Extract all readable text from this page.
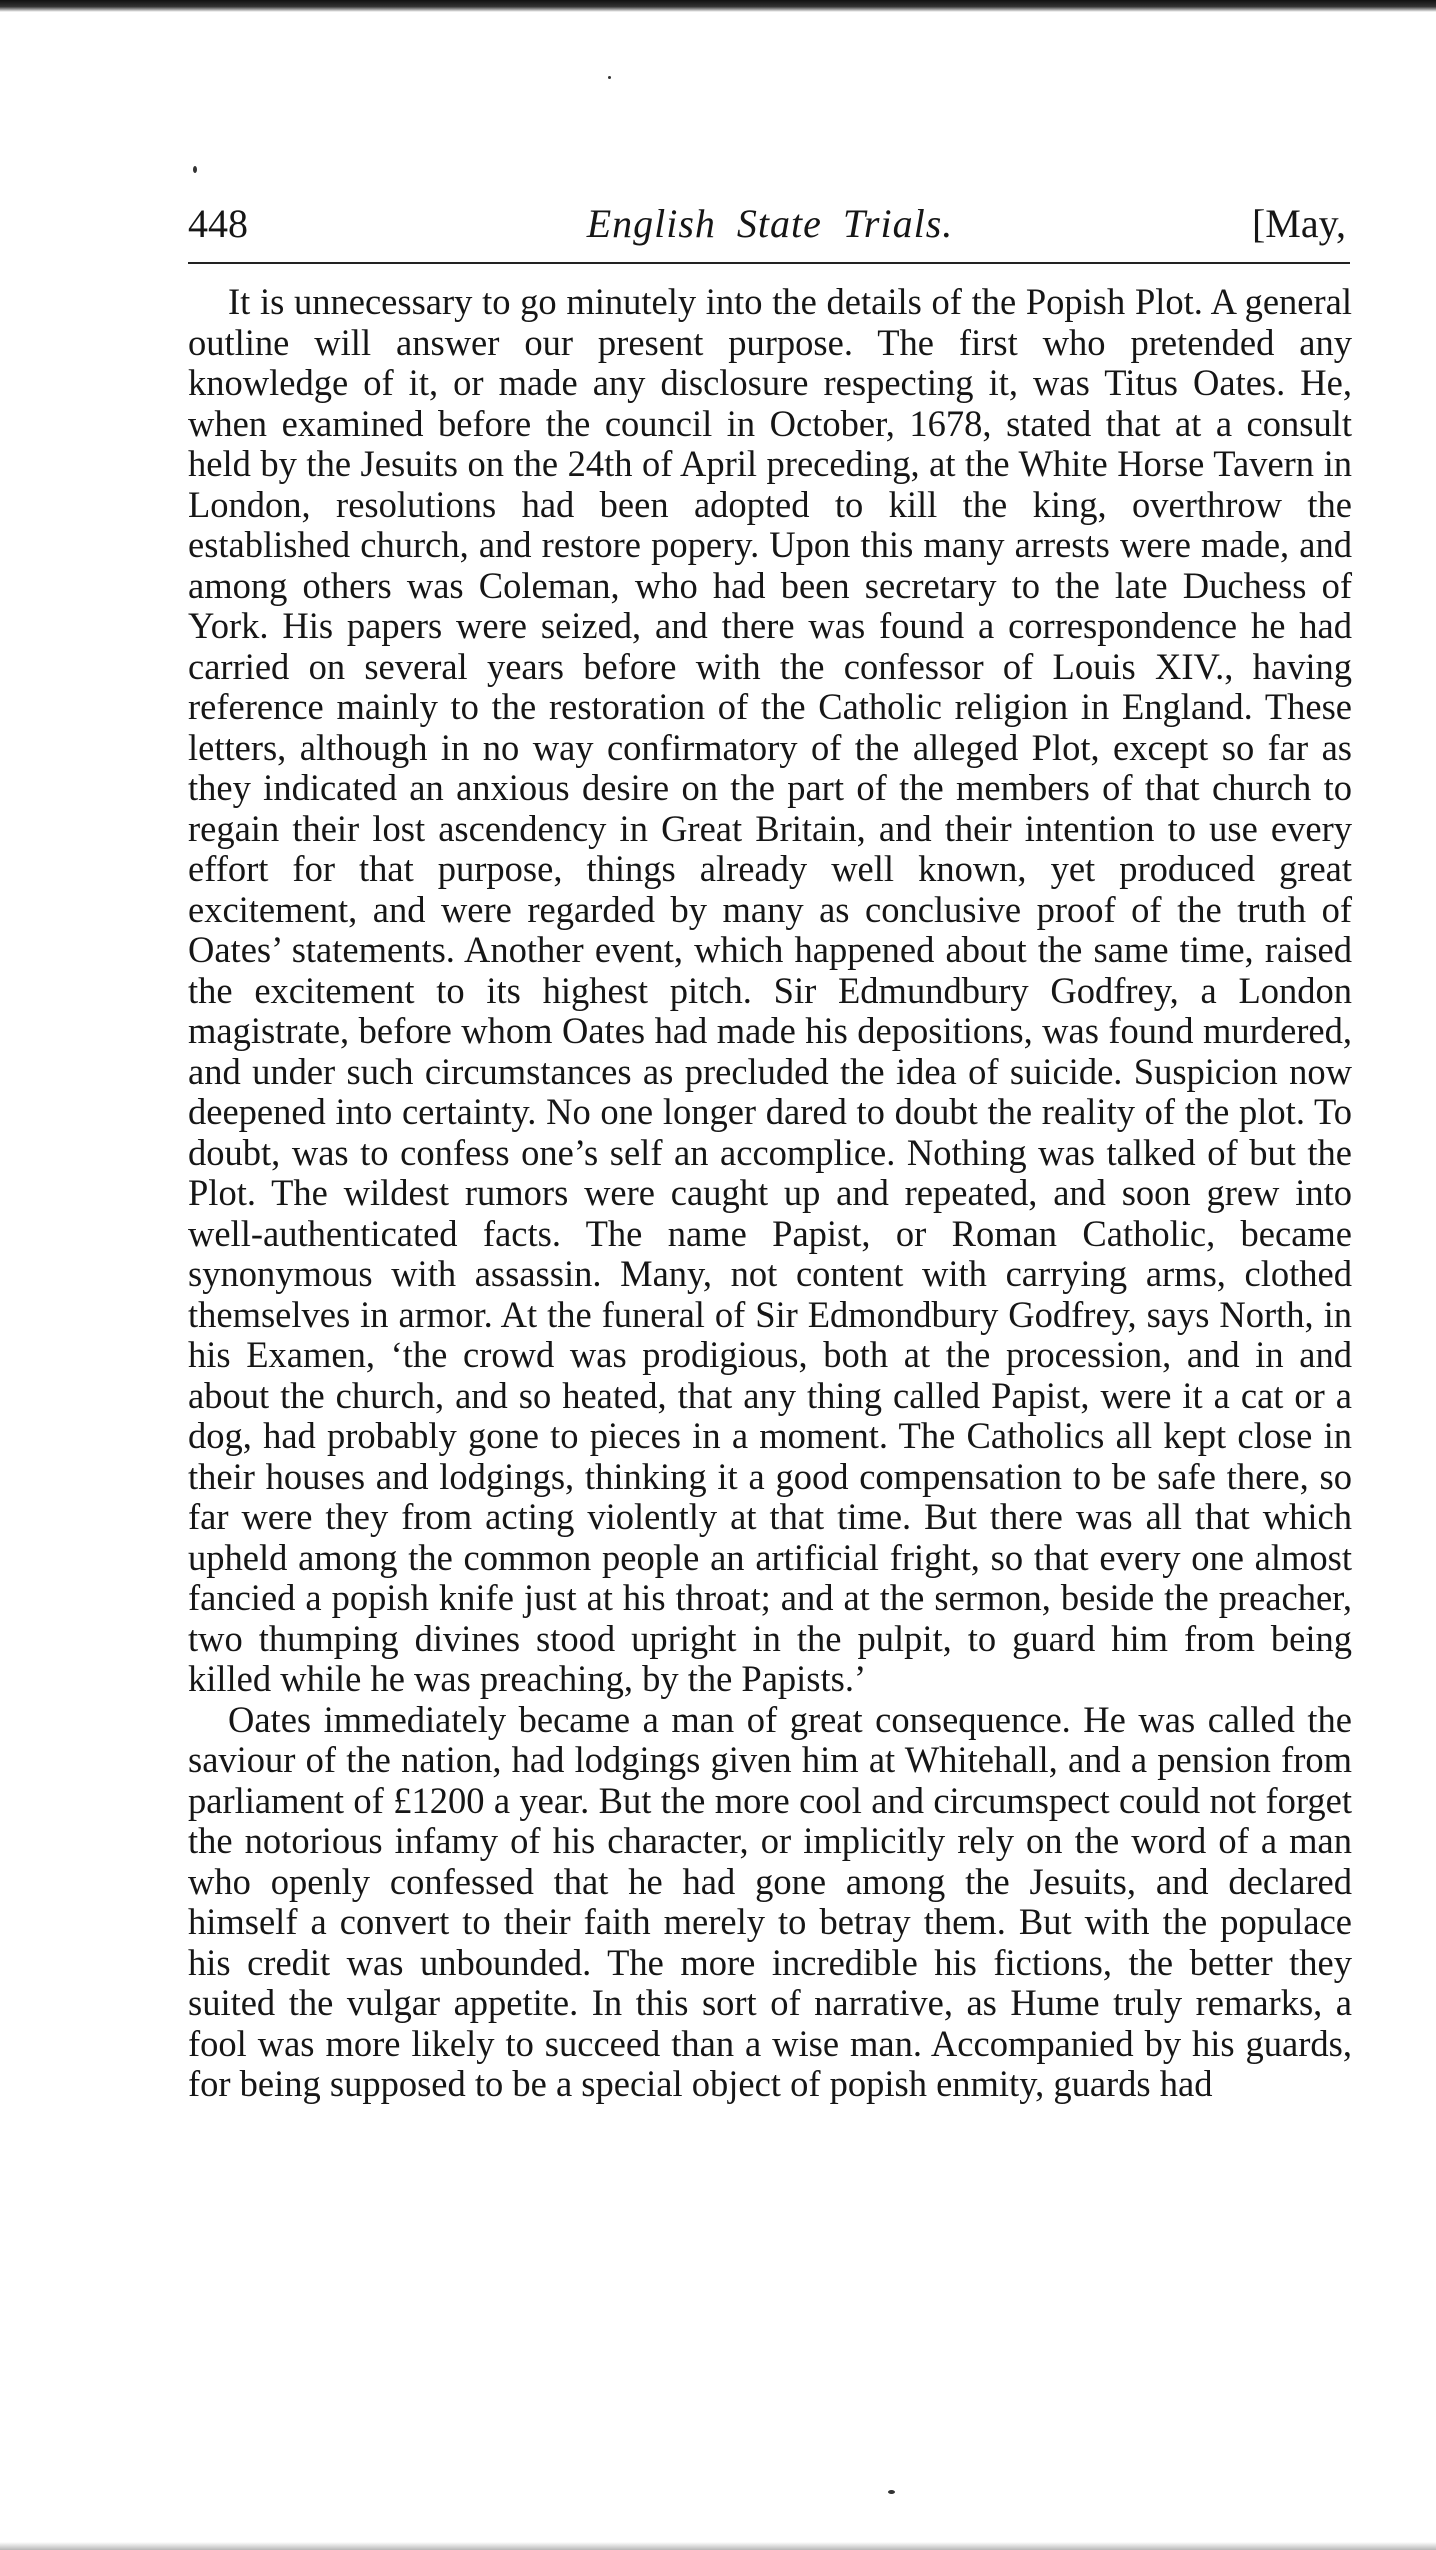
448	English State Trials.	[May,

It is unnecessary to go minutely into the details of the Popish Plot. A general outline will answer our present purpose. The first who pretended any knowledge of it, or made any disclosure respecting it, was Titus Oates. He, when examined before the council in October, 1678, stated that at a consult held by the Jesuits on the 24th of April preceding, at the White Horse Tavern in London, resolutions had been adopted to kill the king, overthrow the established church, and restore popery. Upon this many arrests were made, and among others was Coleman, who had been secretary to the late Duchess of York. His papers were seized, and there was found a correspondence he had carried on several years before with the confessor of Louis XIV., having reference mainly to the restoration of the Catholic religion in England. These letters, although in no way confirmatory of the alleged Plot, except so far as they indicated an anxious desire on the part of the members of that church to regain their lost ascendency in Great Britain, and their intention to use every effort for that purpose, things already well known, yet produced great excitement, and were regarded by many as conclusive proof of the truth of Oates’ statements. Another event, which happened about the same time, raised the excitement to its highest pitch. Sir Edmundbury Godfrey, a London magistrate, before whom Oates had made his depositions, was found murdered, and under such circumstances as precluded the idea of suicide. Suspicion now deepened into certainty. No one longer dared to doubt the reality of the plot. To doubt, was to confess one’s self an accomplice. Nothing was talked of but the Plot. The wildest rumors were caught up and repeated, and soon grew into well-authenticated facts. The name Papist, or Roman Catholic, became synonymous with assassin. Many, not content with carrying arms, clothed themselves in armor. At the funeral of Sir Edmondbury Godfrey, says North, in his Examen, ‘the crowd was prodigious, both at the procession, and in and about the church, and so heated, that any thing called Papist, were it a cat or a dog, had probably gone to pieces in a moment. The Catholics all kept close in their houses and lodgings, thinking it a good compensation to be safe there, so far were they from acting violently at that time. But there was all that which upheld among the common people an artificial fright, so that every one almost fancied a popish knife just at his throat; and at the sermon, beside the preacher, two thumping divines stood upright in the pulpit, to guard him from being killed while he was preaching, by the Papists.’

Oates immediately became a man of great consequence. He was called the saviour of the nation, had lodgings given him at Whitehall, and a pension from parliament of £1200 a year. But the more cool and circumspect could not forget the notorious infamy of his character, or implicitly rely on the word of a man who openly confessed that he had gone among the Jesuits, and declared himself a convert to their faith merely to betray them. But with the populace his credit was unbounded. The more incredible his fictions, the better they suited the vulgar appetite. In this sort of narrative, as Hume truly remarks, a fool was more likely to succeed than a wise man. Accompanied by his guards, for being supposed to be a special object of popish enmity, guards had
